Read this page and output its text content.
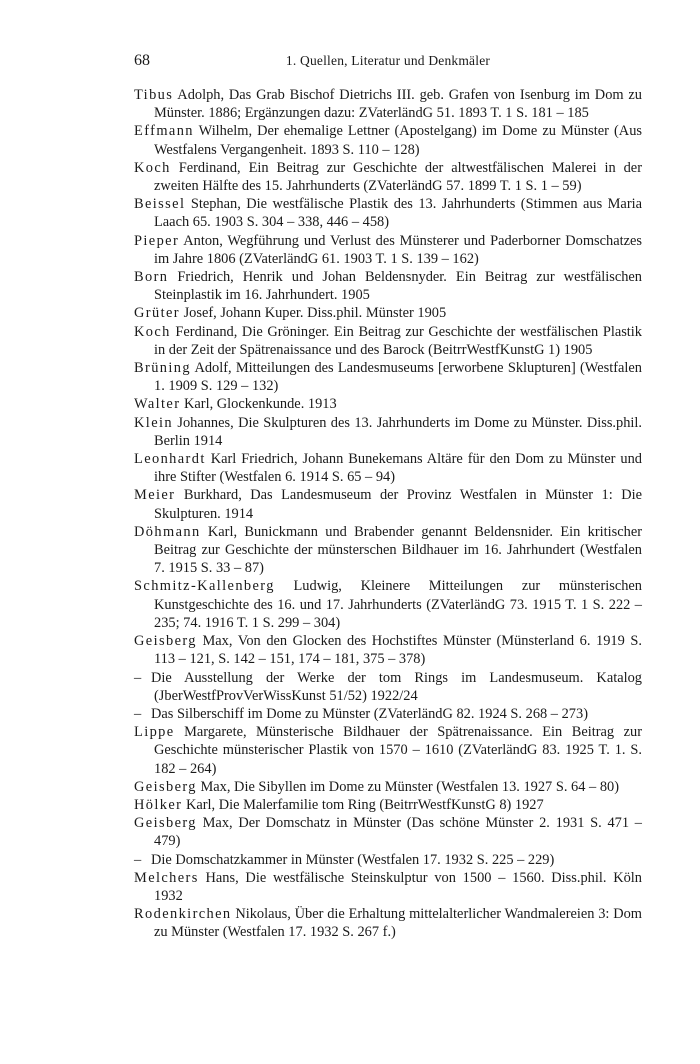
68	1. Quellen, Literatur und Denkmäler

Tibus Adolph, Das Grab Bischof Dietrichs III. geb. Grafen von Isenburg im Dom zu Münster. 1886; Ergänzungen dazu: ZVaterländG 51. 1893 T. 1 S. 181 – 185

Effmann Wilhelm, Der ehemalige Lettner (Apostelgang) im Dome zu Münster (Aus Westfalens Vergangenheit. 1893 S. 110 – 128)

Koch Ferdinand, Ein Beitrag zur Geschichte der altwestfälischen Malerei in der zweiten Hälfte des 15. Jahrhunderts (ZVaterländG 57. 1899 T. 1 S. 1 – 59)

Beissel Stephan, Die westfälische Plastik des 13. Jahrhunderts (Stimmen aus Maria Laach 65. 1903 S. 304 – 338, 446 – 458)

Pieper Anton, Wegführung und Verlust des Münsterer und Paderborner Domschatzes im Jahre 1806 (ZVaterländG 61. 1903 T. 1 S. 139 – 162)

Born Friedrich, Henrik und Johan Beldensnyder. Ein Beitrag zur westfälischen Steinplastik im 16. Jahrhundert. 1905

Grüter Josef, Johann Kuper. Diss.phil. Münster 1905

Koch Ferdinand, Die Gröninger. Ein Beitrag zur Geschichte der westfälischen Plastik in der Zeit der Spätrenaissance und des Barock (BeitrrWestfKunstG 1) 1905

Brüning Adolf, Mitteilungen des Landesmuseums [erworbene Sklupturen] (Westfalen 1. 1909 S. 129 – 132)

Walter Karl, Glockenkunde. 1913

Klein Johannes, Die Skulpturen des 13. Jahrhunderts im Dome zu Münster. Diss.phil. Berlin 1914

Leonhardt Karl Friedrich, Johann Bunekemans Altäre für den Dom zu Münster und ihre Stifter (Westfalen 6. 1914 S. 65 – 94)

Meier Burkhard, Das Landesmuseum der Provinz Westfalen in Münster 1: Die Skulpturen. 1914

Döhmann Karl, Bunickmann und Brabender genannt Beldensnider. Ein kritischer Beitrag zur Geschichte der münsterschen Bildhauer im 16. Jahrhundert (Westfalen 7. 1915 S. 33 – 87)

Schmitz-Kallenberg Ludwig, Kleinere Mitteilungen zur münsterischen Kunstgeschichte des 16. und 17. Jahrhunderts (ZVaterländG 73. 1915 T. 1 S. 222 – 235; 74. 1916 T. 1 S. 299 – 304)

Geisberg Max, Von den Glocken des Hochstiftes Münster (Münsterland 6. 1919 S. 113 – 121, S. 142 – 151, 174 – 181, 375 – 378)

– Die Ausstellung der Werke der tom Rings im Landesmuseum. Katalog (JberWestfProvVerWissKunst 51/52) 1922/24

– Das Silberschiff im Dome zu Münster (ZVaterländG 82. 1924 S. 268 – 273)

Lippe Margarete, Münsterische Bildhauer der Spätrenaissance. Ein Beitrag zur Geschichte münsterischer Plastik von 1570 – 1610 (ZVaterländG 83. 1925 T. 1. S. 182 – 264)

Geisberg Max, Die Sibyllen im Dome zu Münster (Westfalen 13. 1927 S. 64 – 80)

Hölker Karl, Die Malerfamilie tom Ring (BeitrrWestfKunstG 8) 1927

Geisberg Max, Der Domschatz in Münster (Das schöne Münster 2. 1931 S. 471 – 479)

– Die Domschatzkammer in Münster (Westfalen 17. 1932 S. 225 – 229)

Melchers Hans, Die westfälische Steinskulptur von 1500 – 1560. Diss.phil. Köln 1932

Rodenkirchen Nikolaus, Über die Erhaltung mittelalterlicher Wandmalereien 3: Dom zu Münster (Westfalen 17. 1932 S. 267 f.)
